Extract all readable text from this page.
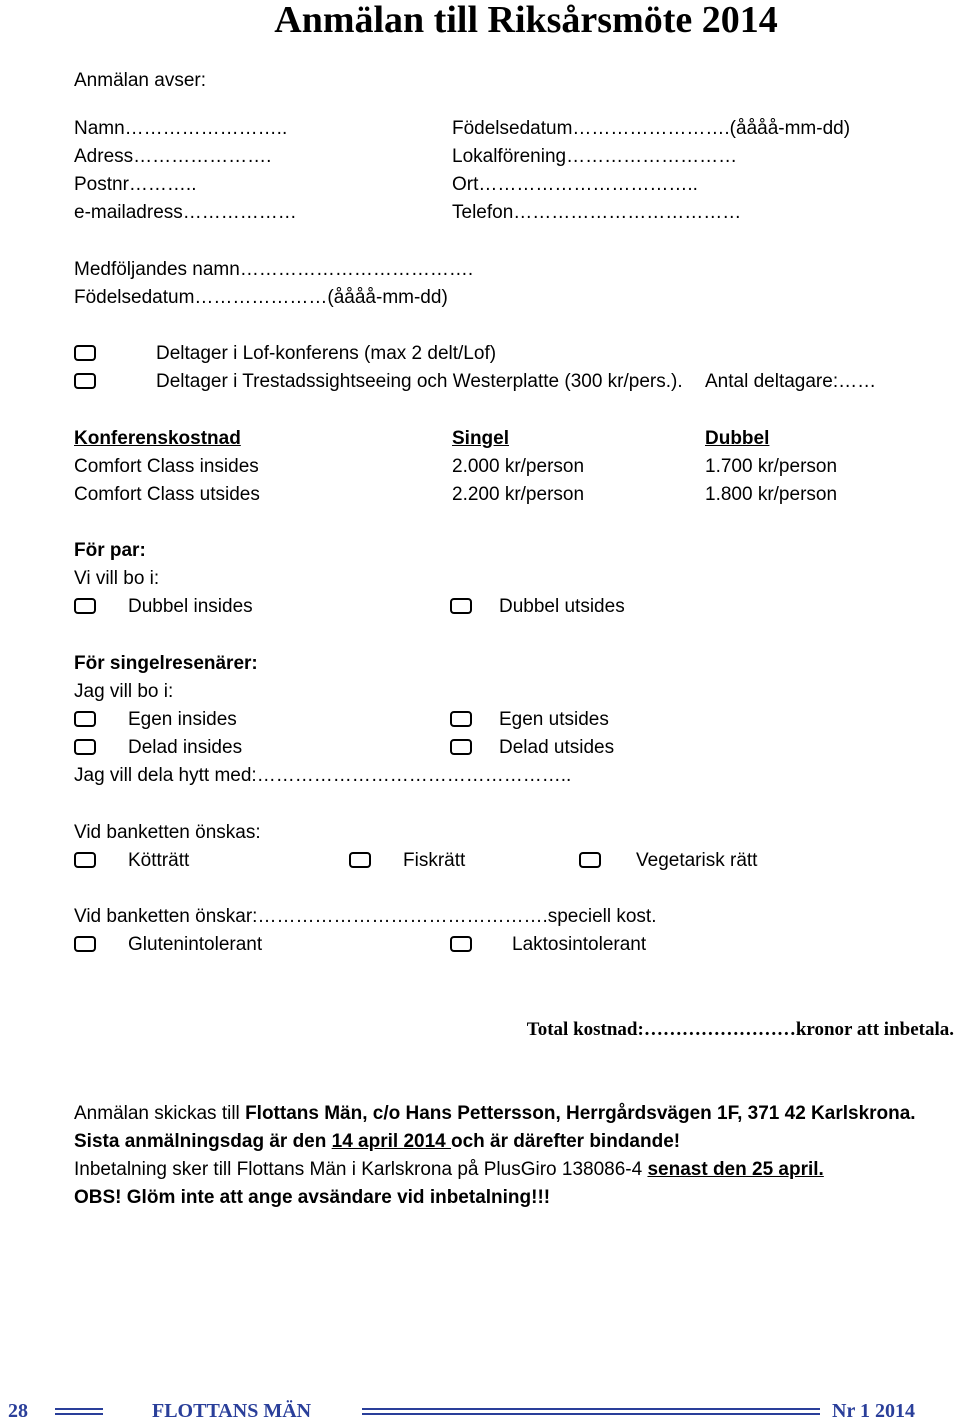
Anmälan till Riksårsmöte 2014
Anmälan avser:
Namn……………………..	Födelsedatum…………………….(åååå-mm-dd)
Adress………………….	Lokalförening………………………
Postnr………..	Ort……………………………..
e-mailadress………………	Telefon………………………………
Medföljandes namn……………………………….
Födelsedatum…………………(åååå-mm-dd)
Deltager i Lof-konferens (max 2 delt/Lof)
Deltager i Trestadssightseeing och Westerplatte (300 kr/pers.). Antal deltagare:……
Konferenskostnad	Singel	Dubbel
Comfort Class insides	2.000 kr/person	1.700 kr/person
Comfort Class utsides	2.200 kr/person	1.800 kr/person
För par:
Vi vill bo i:
Dubbel insides	Dubbel utsides
För singelresenärer:
Jag vill bo i:
Egen insides	Egen utsides
Delad insides	Delad utsides
Jag vill dela hytt med:…………………………………………..
Vid banketten önskas:
Kötträtt	Fiskrätt	Vegetarisk rätt
Vid banketten önskar:……………………………………….speciell kost.
Glutenintolerant	Laktosintolerant
Total kostnad:……………………kronor att inbetala.
Anmälan skickas till Flottans Män, c/o Hans Pettersson, Herrgårdsvägen 1F, 371 42 Karlskrona.
Sista anmälningsdag är den 14 april 2014 och är därefter bindande!
Inbetalning sker till Flottans Män i Karlskrona på PlusGiro 138086-4 senast den 25 april.
OBS! Glöm inte att ange avsändare vid inbetalning!!!
28	FLOTTANS MÄN	Nr 1 2014
